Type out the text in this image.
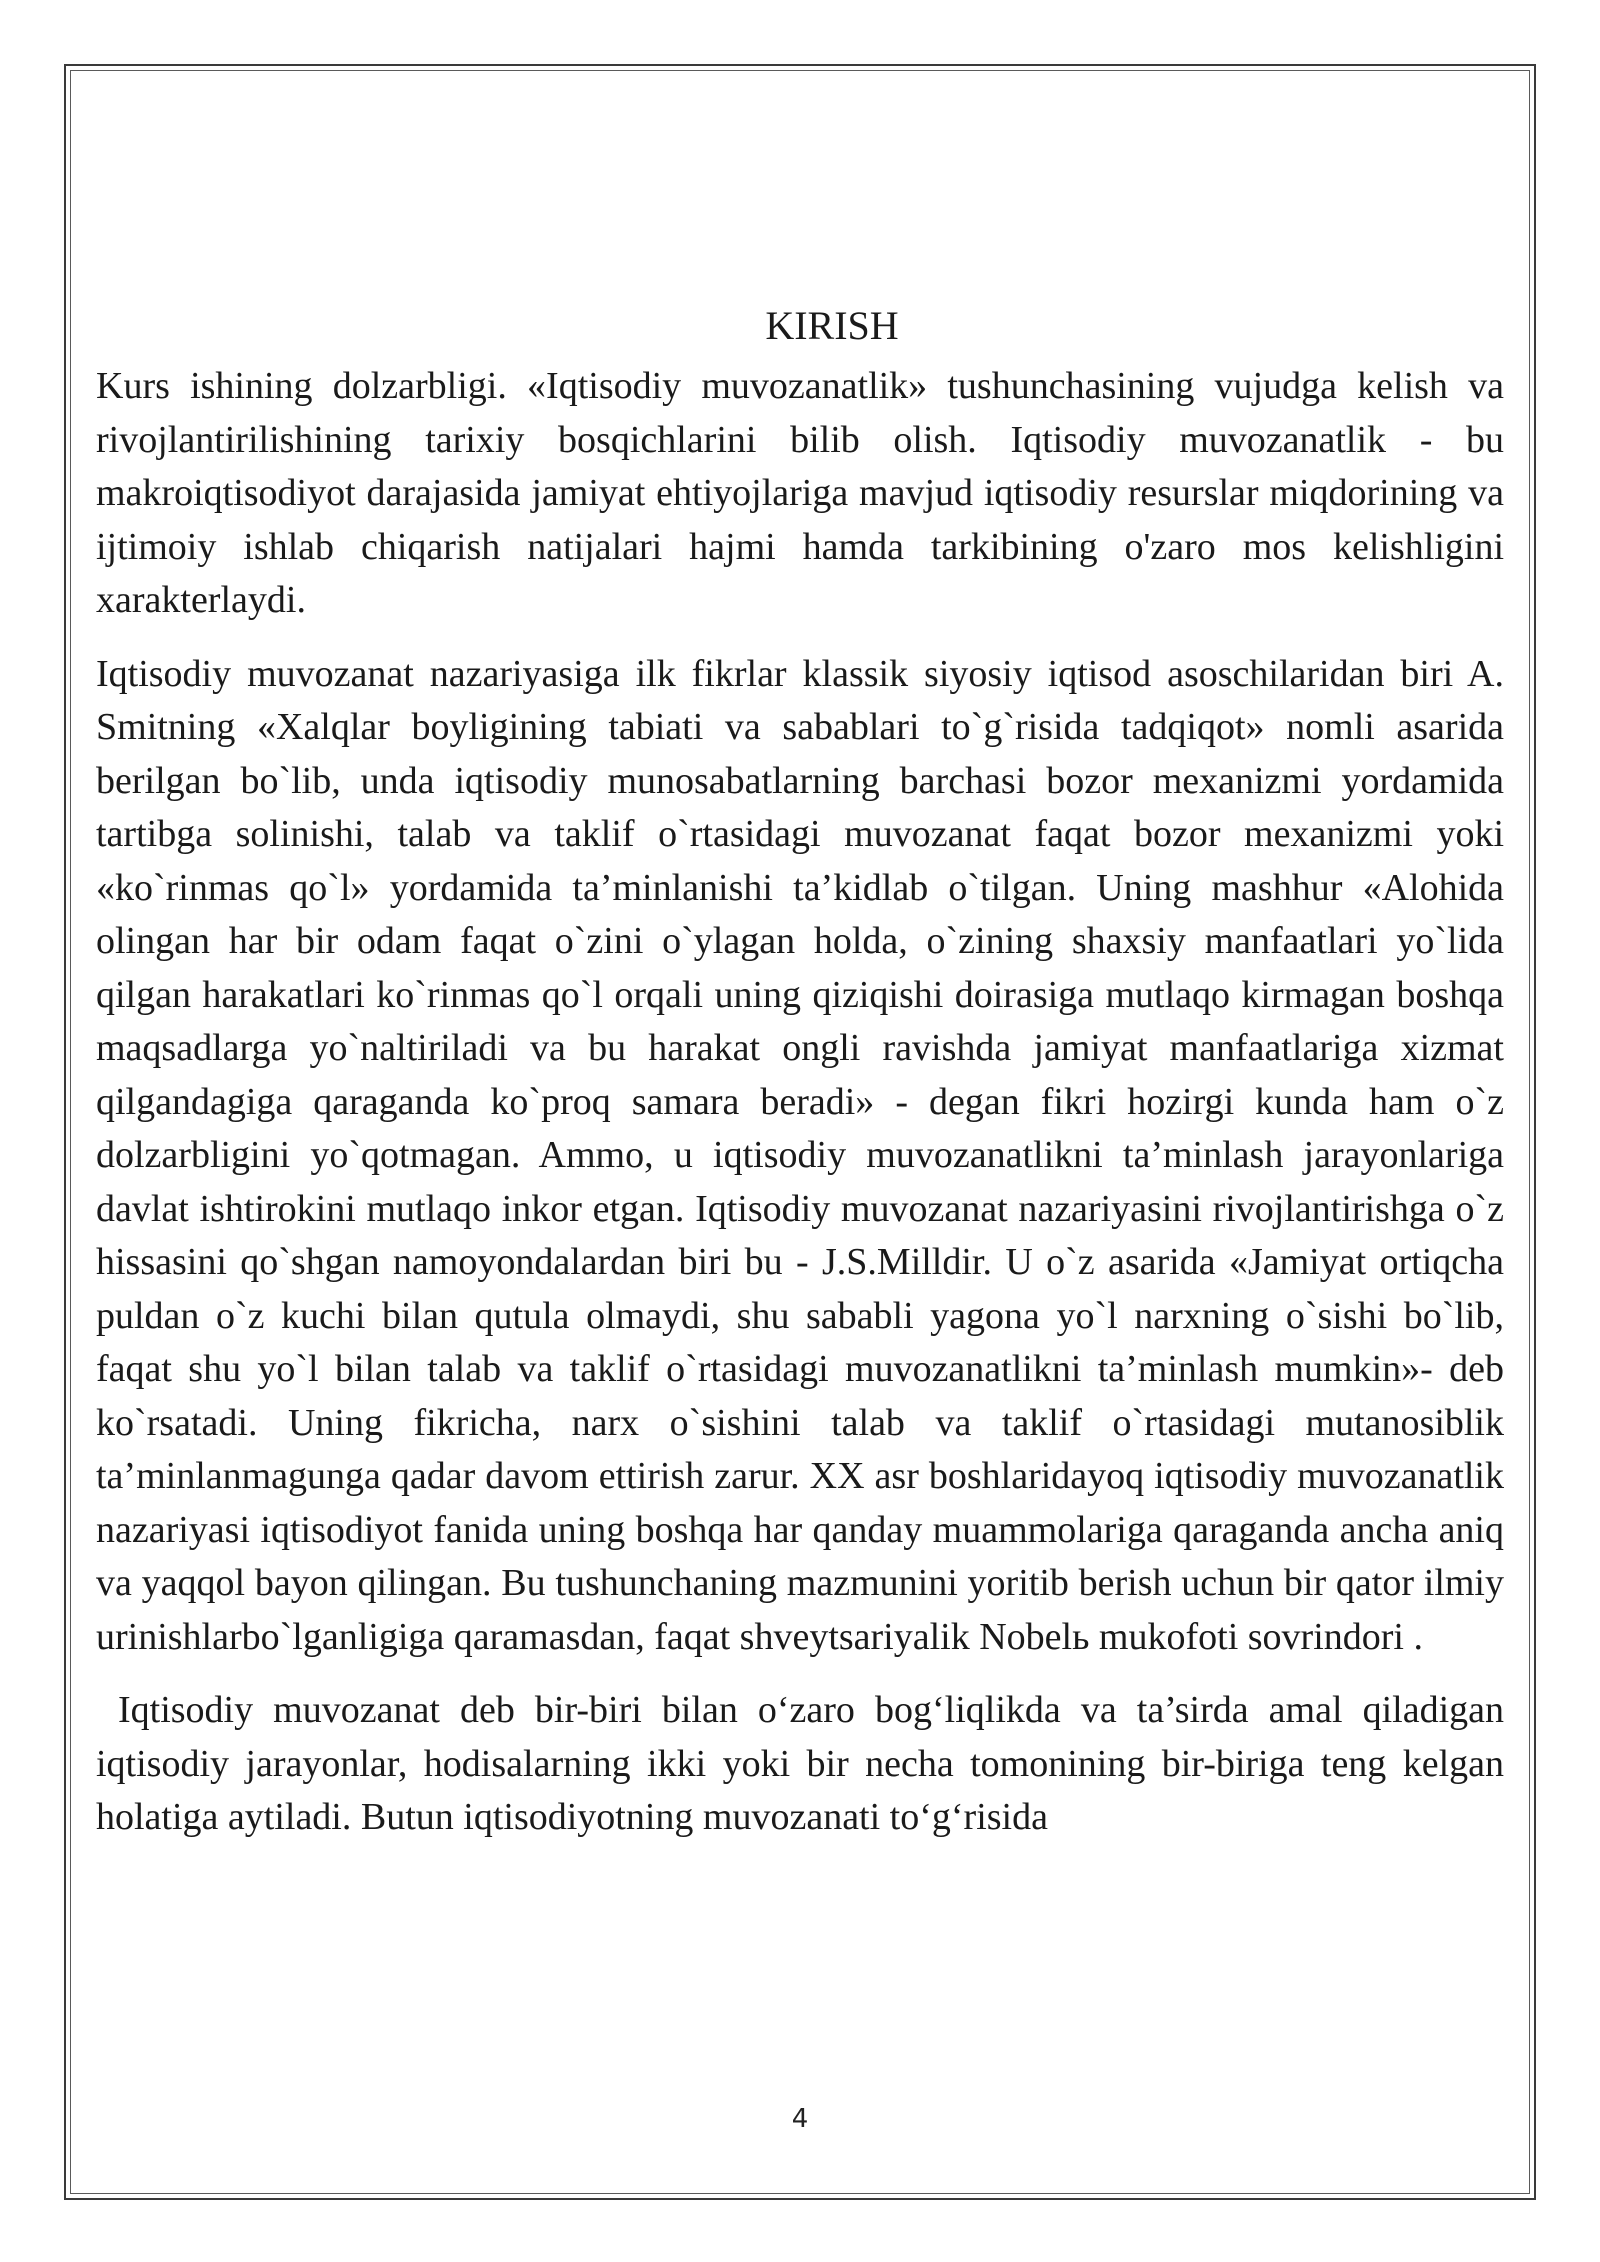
KIRISH

Kurs ishining dolzarbligi. «Iqtisodiy muvozanatlik» tushunchasining vujudga kelish va rivojlantirilishining tarixiy bosqichlarini bilib olish. Iqtisodiy muvozanatlik - bu makroiqtisodiyot darajasida jamiyat ehtiyojlariga mavjud iqtisodiy resurslar miqdorining va ijtimoiy ishlab chiqarish natijalari hajmi hamda tarkibining o'zaro mos kelishligini xarakterlaydi.

Iqtisodiy muvozanat nazariyasiga ilk fikrlar klassik siyosiy iqtisod asoschilaridan biri A. Smitning «Xalqlar boyligining tabiati va sabablari to`g`risida tadqiqot» nomli asarida berilgan bo`lib, unda iqtisodiy munosabatlarning barchasi bozor mexanizmi yordamida tartibga solinishi, talab va taklif o`rtasidagi muvozanat faqat bozor mexanizmi yoki «ko`rinmas qo`l» yordamida ta’minlanishi ta’kidlab o`tilgan. Uning mashhur «Alohida olingan har bir odam faqat o`zini o`ylagan holda, o`zining shaxsiy manfaatlari yo`lida qilgan harakatlari ko`rinmas qo`l orqali uning qiziqishi doirasiga mutlaqo kirmagan boshqa maqsadlarga yo`naltiriladi va bu harakat ongli ravishda jamiyat manfaatlariga xizmat qilgandagiga qaraganda ko`proq samara beradi» - degan fikri hozirgi kunda ham o`z dolzarbligini yo`qotmagan. Ammo, u iqtisodiy muvozanatlikni ta’minlash jarayonlariga davlat ishtirokini mutlaqo inkor etgan. Iqtisodiy muvozanat nazariyasini rivojlantirishga o`z hissasini qo`shgan namoyondalardan biri bu - J.S.Milldir. U o`z asarida «Jamiyat ortiqcha puldan o`z kuchi bilan qutula olmaydi, shu sababli yagona yo`l narxning o`sishi bo`lib, faqat shu yo`l bilan talab va taklif o`rtasidagi muvozanatlikni ta’minlash mumkin»- deb ko`rsatadi. Uning fikricha, narx o`sishini talab va taklif o`rtasidagi mutanosiblik ta’minlanmagunga qadar davom ettirish zarur. XX asr boshlaridayoq iqtisodiy muvozanatlik nazariyasi iqtisodiyot fanida uning boshqa har qanday muammolariga qaraganda ancha aniq va yaqqol bayon qilingan. Bu tushunchaning mazmunini yoritib berish uchun bir qator ilmiy urinishlarbo`lganligiga qaramasdan, faqat shveytsariyalik Nobelь mukofoti sovrindori .

Iqtisodiy muvozanat deb bir-biri bilan o‘zaro bog‘liqlikda va ta’sirda amal qiladigan iqtisodiy jarayonlar, hodisalarning ikki yoki bir necha tomonining bir-biriga teng kelgan holatiga aytiladi. Butun iqtisodiyotning muvozanati to‘g‘risida

4
